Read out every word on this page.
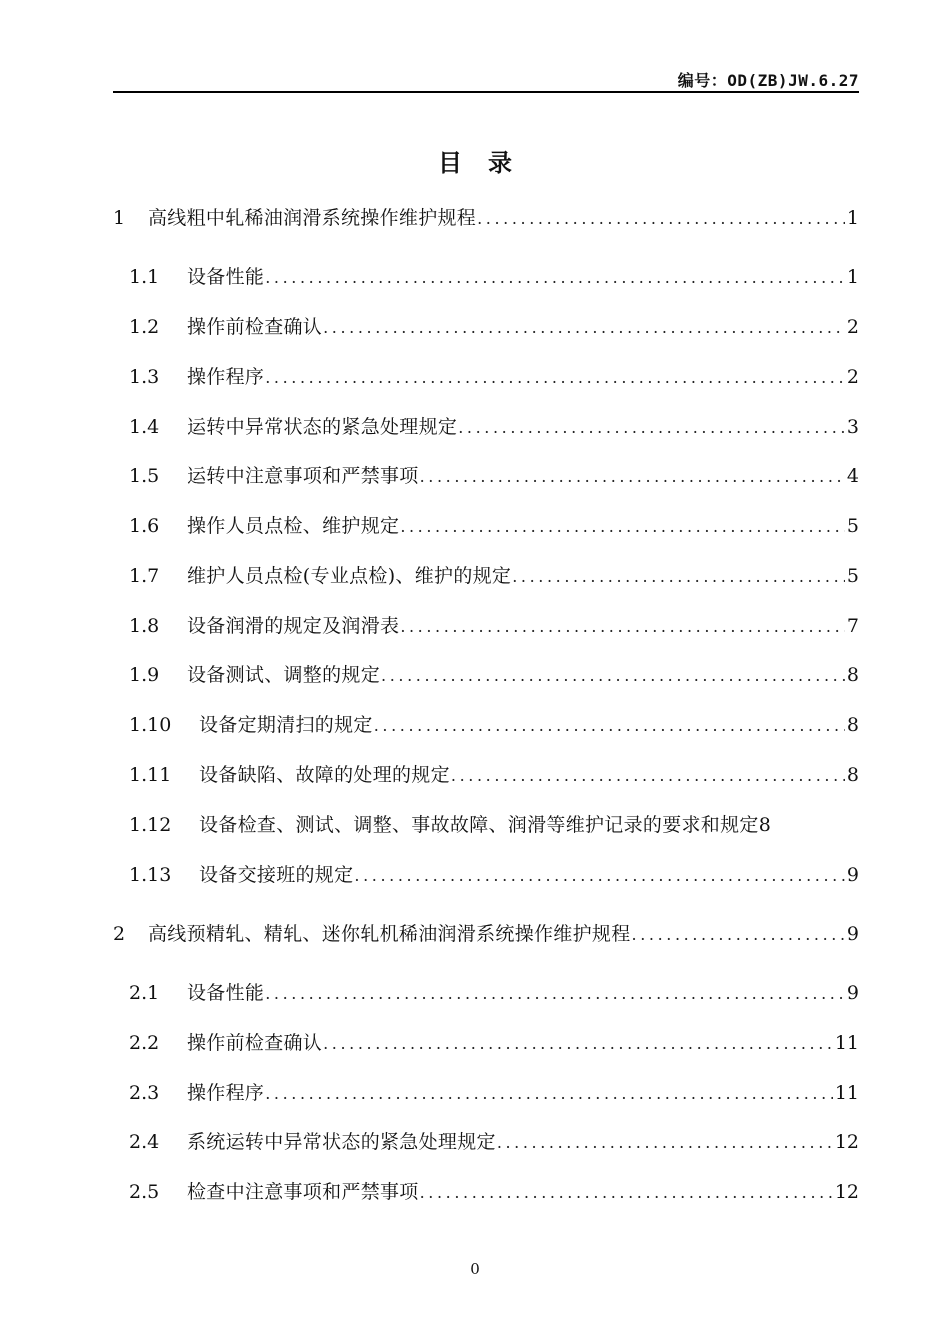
编号：OD(ZB)JW.6.27
目录
1	高线粗中轧稀油润滑系统操作维护规程 .....	1
1.1	设备性能 .....	1
1.2	操作前检查确认 .....	2
1.3	操作程序 .....	2
1.4	运转中异常状态的紧急处理规定 .....	3
1.5	运转中注意事项和严禁事项 .....	4
1.6	操作人员点检、维护规定 .....	5
1.7	维护人员点检(专业点检)、维护的规定 .....	5
1.8	设备润滑的规定及润滑表 .....	7
1.9	设备测试、调整的规定 .....	8
1.10	设备定期清扫的规定 .....	8
1.11	设备缺陷、故障的处理的规定 .....	8
1.12	设备检查、测试、调整、事故故障、润滑等维护记录的要求和规定 8
1.13	设备交接班的规定 .....	9
2	高线预精轧、精轧、迷你轧机稀油润滑系统操作维护规程 .....	9
2.1	设备性能 .....	9
2.2	操作前检查确认 .....	11
2.3	操作程序 .....	11
2.4	系统运转中异常状态的紧急处理规定 .....	12
2.5	检查中注意事项和严禁事项 .....	12
0
